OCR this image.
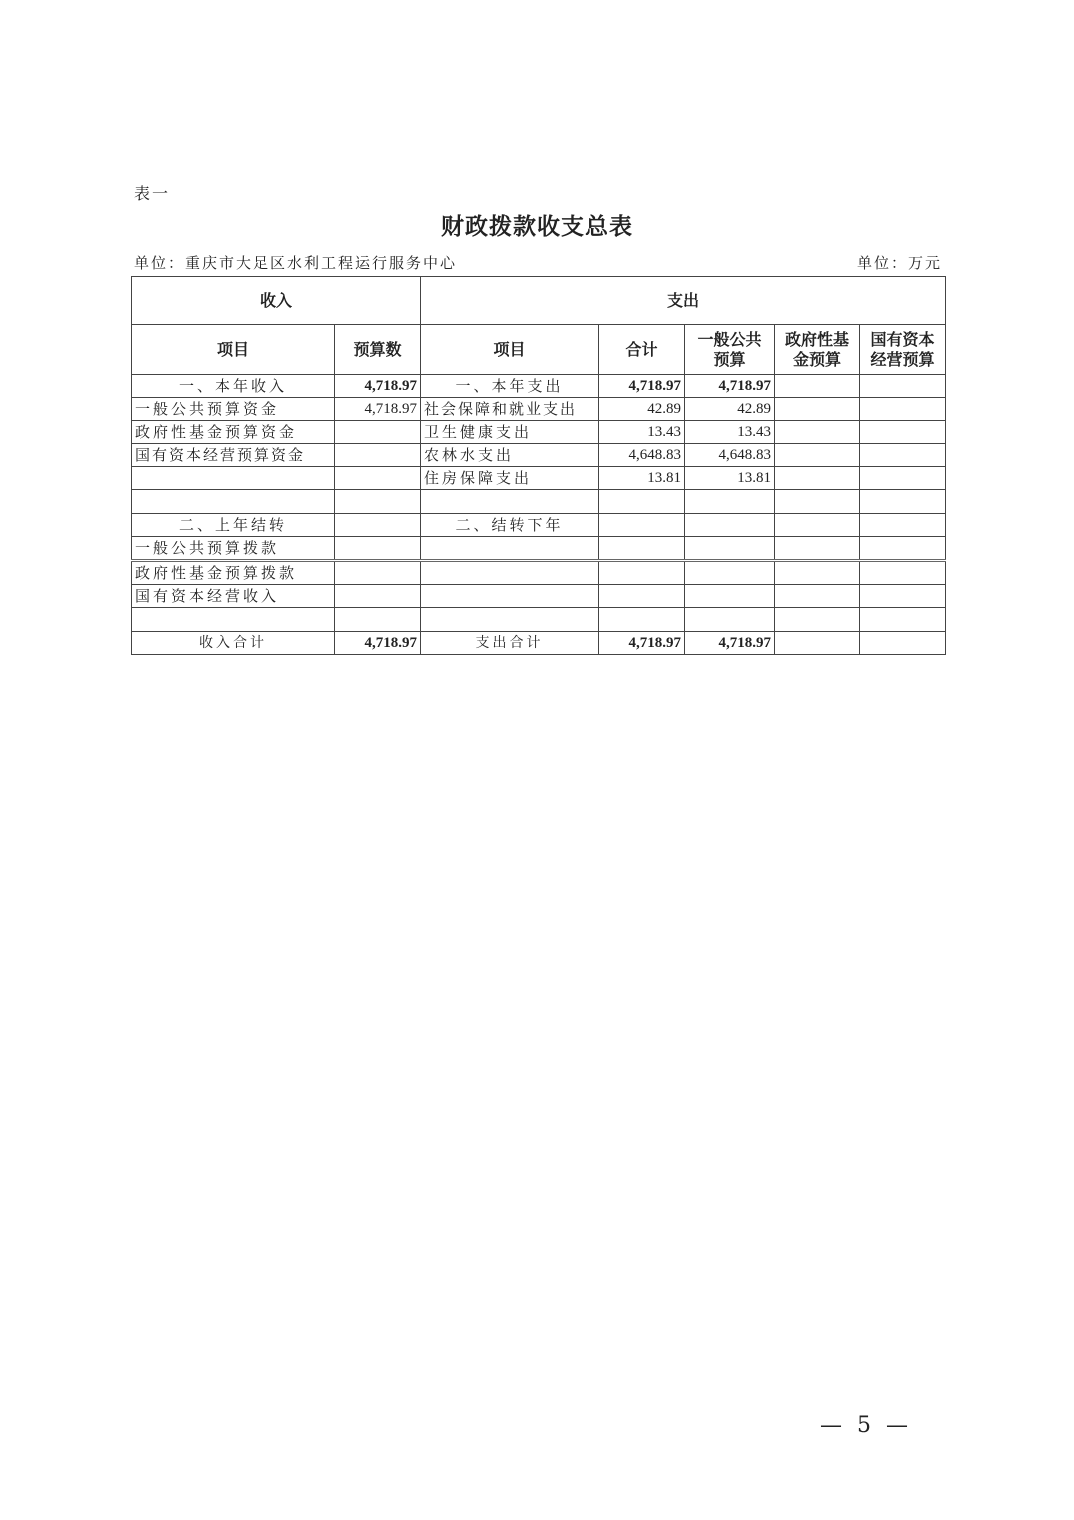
表一
财政拨款收支总表
单位：重庆市大足区水利工程运行服务中心	单位：万元
收入		支出				
项目	预算数	项目	合计	一般公共预算	政府性基金预算	国有资本经营预算
一、本年收入	4,718.97	一、本年支出	4,718.97	4,718.97		
一般公共预算资金	4,718.97	社会保障和就业支出	42.89	42.89		
政府性基金预算资金		卫生健康支出	13.43	13.43		
国有资本经营预算资金		农林水支出	4,648.83	4,648.83		
		住房保障支出	13.81	13.81		

二、上年结转		二、结转下年				
一般公共预算拨款						
政府性基金预算拨款						
国有资本经营收入						

收入合计	4,718.97	支出合计	4,718.97	4,718.97		
— 5 —
